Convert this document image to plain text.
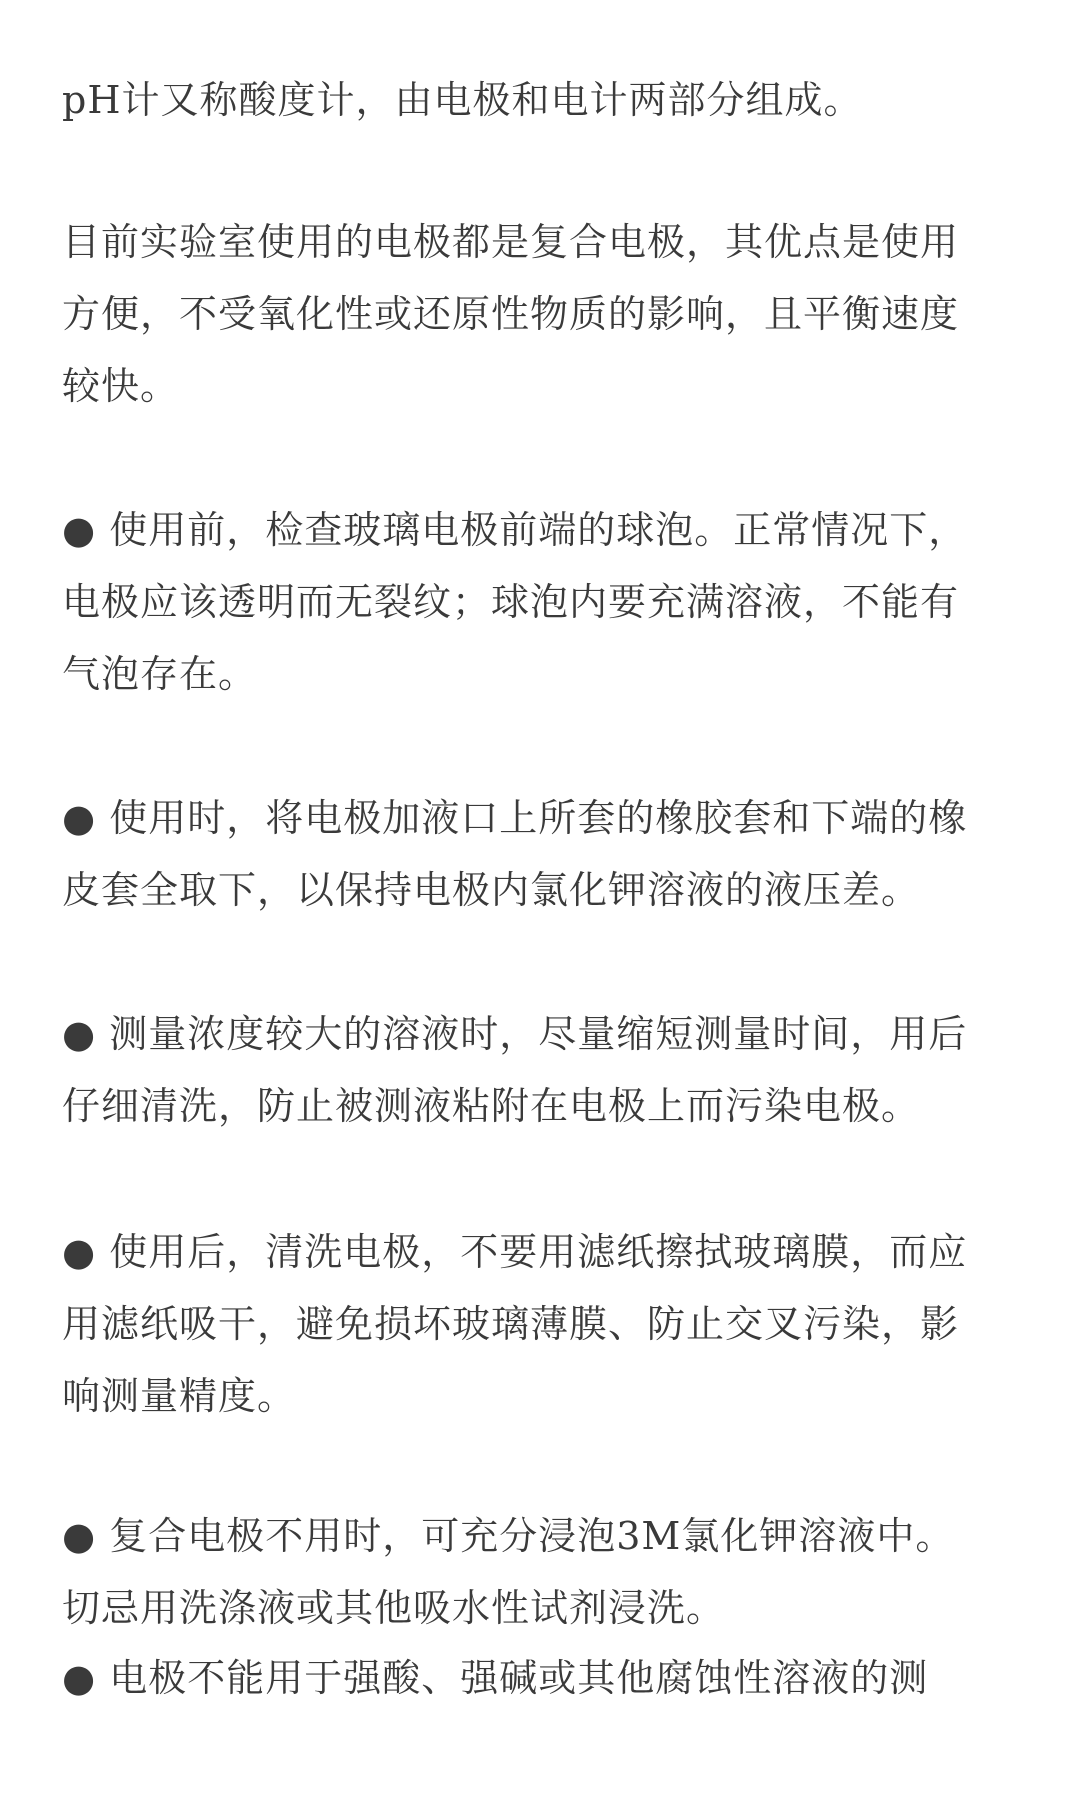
pH计又称酸度计，由电极和电计两部分组成。

目前实验室使用的电极都是复合电极，其优点是使用
方便，不受氧化性或还原性物质的影响，且平衡速度
较快。

● 使用前，检查玻璃电极前端的球泡。正常情况下，
电极应该透明而无裂纹；球泡内要充满溶液，不能有
气泡存在。

● 使用时，将电极加液口上所套的橡胶套和下端的橡
皮套全取下，以保持电极内氯化钾溶液的液压差。

● 测量浓度较大的溶液时，尽量缩短测量时间，用后
仔细清洗，防止被测液粘附在电极上而污染电极。

● 使用后，清洗电极，不要用滤纸擦拭玻璃膜，而应
用滤纸吸干，避免损坏玻璃薄膜、防止交叉污染，影
响测量精度。

● 复合电极不用时，可充分浸泡3M氯化钾溶液中。
切忌用洗涤液或其他吸水性试剂浸洗。

● 电极不能用于强酸、强碱或其他腐蚀性溶液的测
